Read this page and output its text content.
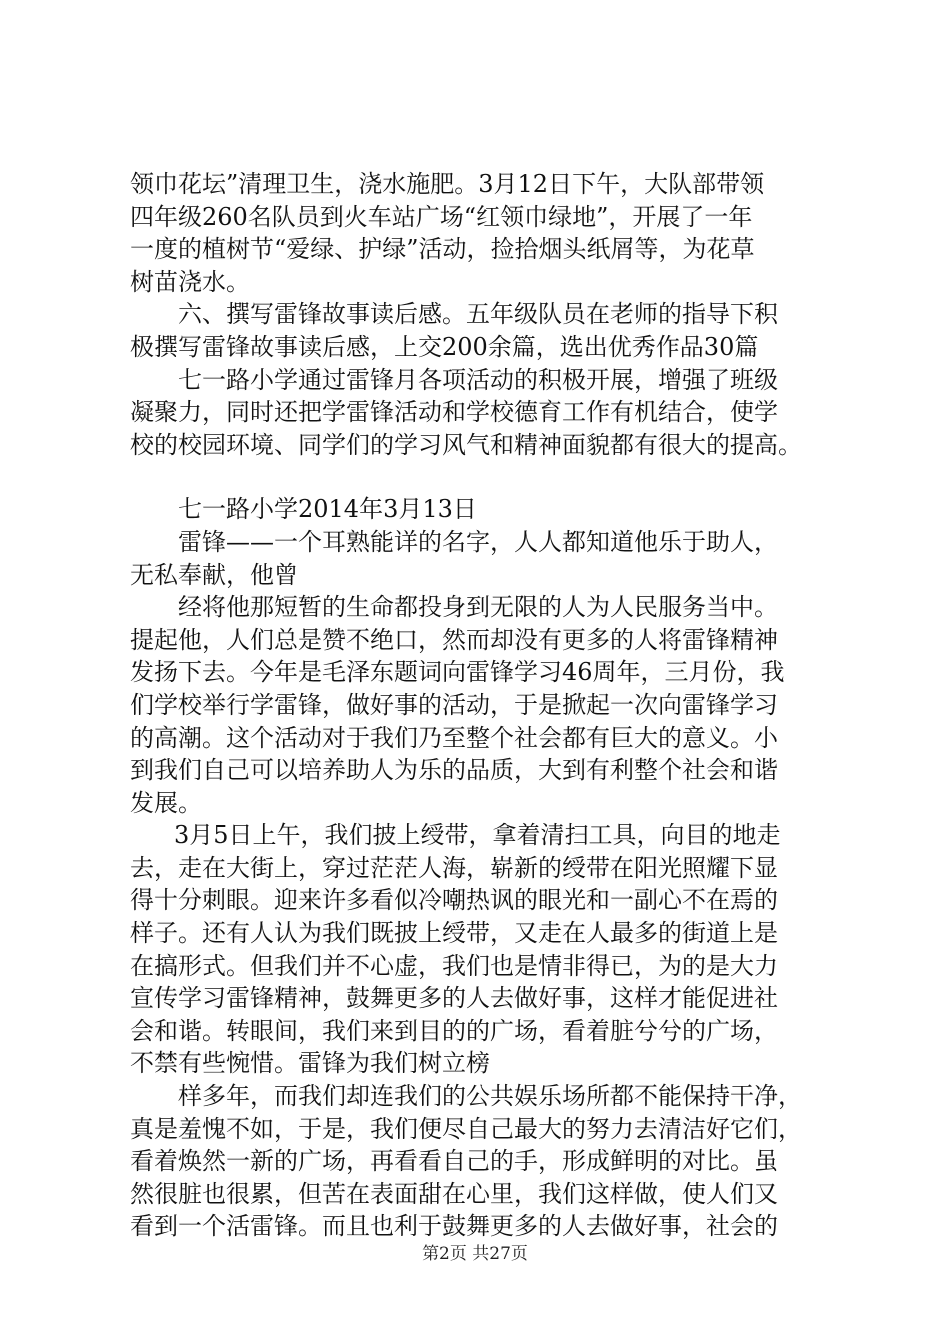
领巾花坛”清理卫生，浇水施肥。3月12日下午，大队部带领
四年级260名队员到火车站广场“红领巾绿地”，开展了一年
一度的植树节“爱绿、护绿”活动，捡拾烟头纸屑等，为花草
树苗浇水。
六、撰写雷锋故事读后感。五年级队员在老师的指导下积
极撰写雷锋故事读后感，上交200余篇，选出优秀作品30篇
七一路小学通过雷锋月各项活动的积极开展，增强了班级
凝聚力，同时还把学雷锋活动和学校德育工作有机结合，使学
校的校园环境、同学们的学习风气和精神面貌都有很大的提高。
七一路小学2014年3月13日
雷锋——一个耳熟能详的名字，人人都知道他乐于助人，
无私奉献，他曾
经将他那短暂的生命都投身到无限的人为人民服务当中。
提起他，人们总是赞不绝口，然而却没有更多的人将雷锋精神
发扬下去。今年是毛泽东题词向雷锋学习46周年，三月份，我
们学校举行学雷锋，做好事的活动，于是掀起一次向雷锋学习
的高潮。这个活动对于我们乃至整个社会都有巨大的意义。小
到我们自己可以培养助人为乐的品质，大到有利整个社会和谐
发展。
3月5日上午，我们披上绶带，拿着清扫工具，向目的地走
去，走在大街上，穿过茫茫人海，崭新的绶带在阳光照耀下显
得十分刺眼。迎来许多看似冷嘲热讽的眼光和一副心不在焉的
样子。还有人认为我们既披上绶带，又走在人最多的街道上是
在搞形式。但我们并不心虚，我们也是情非得已，为的是大力
宣传学习雷锋精神，鼓舞更多的人去做好事，这样才能促进社
会和谐。转眼间，我们来到目的的广场，看着脏兮兮的广场，
不禁有些惋惜。雷锋为我们树立榜
样多年，而我们却连我们的公共娱乐场所都不能保持干净，
真是羞愧不如，于是，我们便尽自己最大的努力去清洁好它们，
看着焕然一新的广场，再看看自己的手，形成鲜明的对比。虽
然很脏也很累，但苦在表面甜在心里，我们这样做，使人们又
看到一个活雷锋。而且也利于鼓舞更多的人去做好事，社会的
第2页 共27页
